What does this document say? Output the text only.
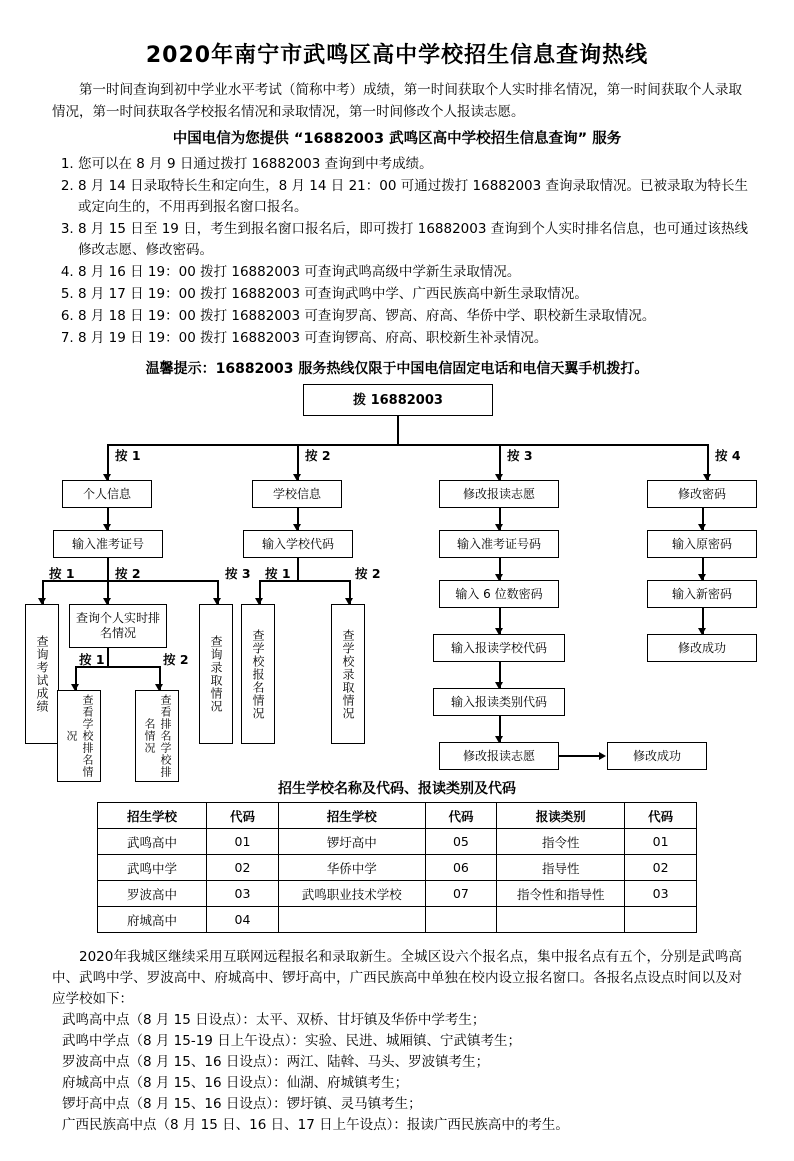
2020年南宁市武鸣区高中学校招生信息查询热线
第一时间查询到初中学业水平考试（简称中考）成绩，第一时间获取个人实时排名情况，第一时间获取个人录取情况，第一时间获取各学校报名情况和录取情况，第一时间修改个人报读志愿。
中国电信为您提供 “16882003 武鸣区高中学校招生信息查询” 服务
1. 您可以在 8 月 9 日通过拨打 16882003 查询到中考成绩。
2. 8 月 14 日录取特长生和定向生，8 月 14 日 21：00 可通过拨打 16882003 查询录取情况。已被录取为特长生或定向生的，不用再到报名窗口报名。
3. 8 月 15 日至 19 日，考生到报名窗口报名后，即可拨打 16882003 查询到个人实时排名信息，也可通过该热线修改志愿、修改密码。
4. 8 月 16 日 19：00 拨打 16882003 可查询武鸣高级中学新生录取情况。
5. 8 月 17 日 19：00 拨打 16882003 可查询武鸣中学、广西民族高中新生录取情况。
6. 8 月 18 日 19：00 拨打 16882003 可查询罗高、锣高、府高、华侨中学、职校新生录取情况。
7. 8 月 19 日 19：00 拨打 16882003 可查询锣高、府高、职校新生补录情况。
温馨提示：16882003 服务热线仅限于中国电信固定电话和电信天翼手机拨打。
拨 16882003
按 1	按 2	按 3	按 4
个人信息
输入准考证号
按 1	按 2	按 3
查询考试成绩
查询个人实时排名情况
查询录取情况
按 1	按 2
查看学校排名情况	查看排名学校排名情况
学校信息
输入学校代码
按 1	按 2
查学校报名情况	查学校录取情况
修改报读志愿
输入准考证号码
输入 6 位数密码
输入报读学校代码
输入报读类别代码
修改报读志愿	修改成功
修改密码
输入原密码
输入新密码
修改成功
招生学校名称及代码、报读类别及代码
招生学校	代码	招生学校	代码	报读类别	代码
武鸣高中	01	锣圩高中	05	指令性	01
武鸣中学	02	华侨中学	06	指导性	02
罗波高中	03	武鸣职业技术学校	07	指令性和指导性	03
府城高中	04				
2020年我城区继续采用互联网远程报名和录取新生。全城区设六个报名点，集中报名点有五个，分别是武鸣高中、武鸣中学、罗波高中、府城高中、锣圩高中，广西民族高中单独在校内设立报名窗口。各报名点设点时间以及对应学校如下：
武鸣高中点（8 月 15 日设点）：太平、双桥、甘圩镇及华侨中学考生；
武鸣中学点（8 月 15-19 日上午设点）：实验、民进、城厢镇、宁武镇考生；
罗波高中点（8 月 15、16 日设点）：两江、陆斡、马头、罗波镇考生；
府城高中点（8 月 15、16 日设点）：仙湖、府城镇考生；
锣圩高中点（8 月 15、16 日设点）：锣圩镇、灵马镇考生；
广西民族高中点（8 月 15 日、16 日、17 日上午设点）：报读广西民族高中的考生。
